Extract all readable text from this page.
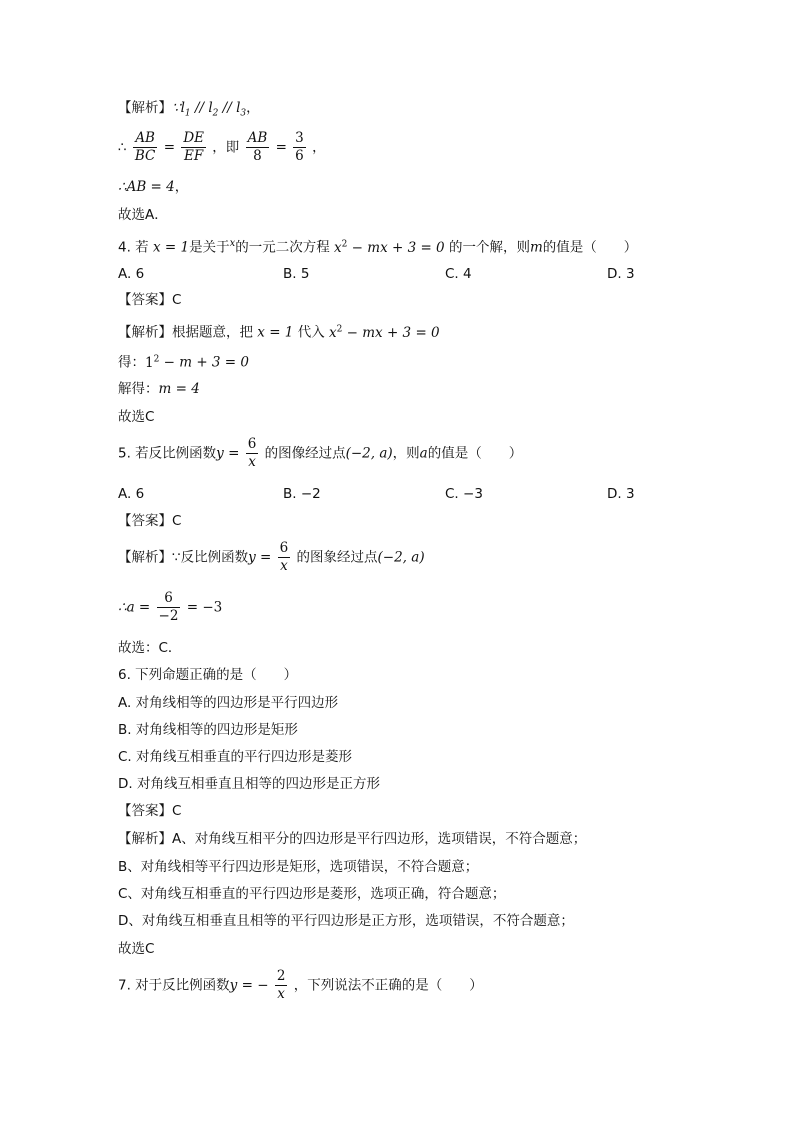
【解析】$\because l_1 // l_2 // l_3$，
∴ $\frac{AB}{BC} = \frac{DE}{EF}$ ，即 $\frac{AB}{8} = \frac{3}{6}$ ，
∴AB = 4，
故选A．
4. 若 x = 1是关于$^x$的一元二次方程 $x^2$ − mx + 3 = 0 的一个解，则m的值是（　　）
A. 6	B. 5	C. 4	D. 3
【答案】C
【解析】根据题意，把 x = 1 代入 $x^2$ − mx + 3 = 0
得：$1^2 - m + 3 = 0$
解得：m = 4
故选C
5. 若反比例函数$y = \frac{6}{x}$ 的图像经过点(−2, a)，则a的值是（　　）
A. 6	B. −2	C. −3	D. 3
【答案】C
【解析】∵反比例函数$y = \frac{6}{x}$ 的图象经过点(−2, a)
∴a = $\frac{6}{-2} = -3$
故选：C．
6. 下列命题正确的是（　　）
A. 对角线相等的四边形是平行四边形
B. 对角线相等的四边形是矩形
C. 对角线互相垂直的平行四边形是菱形
D. 对角线互相垂直且相等的四边形是正方形
【答案】C
【解析】A、对角线互相平分的四边形是平行四边形，选项错误，不符合题意；
B、对角线相等平行四边形是矩形，选项错误，不符合题意；
C、对角线互相垂直的平行四边形是菱形，选项正确，符合题意；
D、对角线互相垂直且相等的平行四边形是正方形，选项错误，不符合题意；
故选C
7. 对于反比例函数y = − $\frac{2}{x}$ ，下列说法不正确的是（　　）
